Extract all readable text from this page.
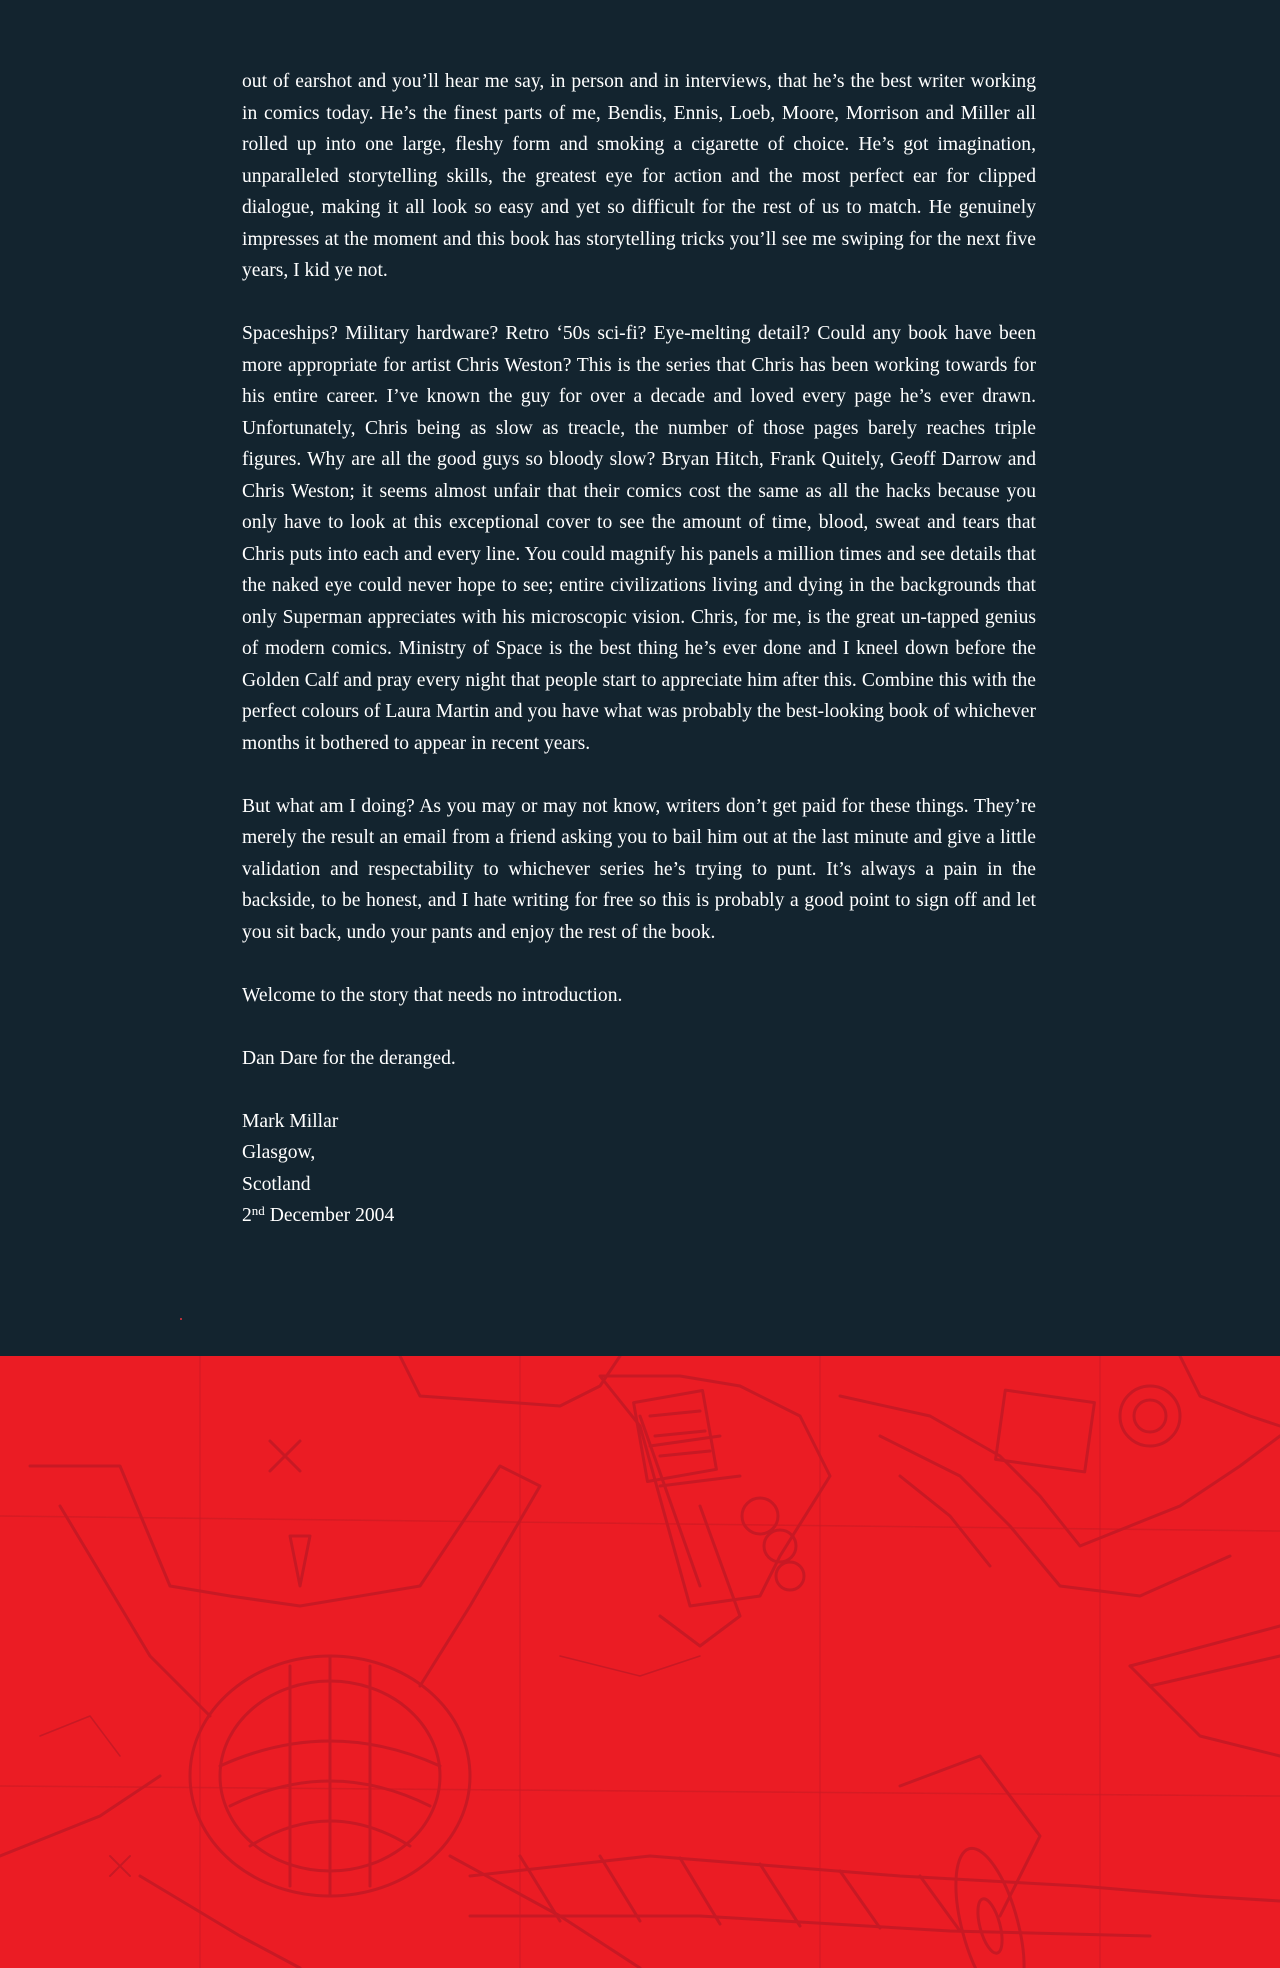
out of earshot and you’ll hear me say, in person and in interviews, that he’s the best writer working in comics today. He’s the finest parts of me, Bendis, Ennis, Loeb, Moore, Morrison and Miller all rolled up into one large, fleshy form and smoking a cigarette of choice. He’s got imagination, unparalleled storytelling skills, the greatest eye for action and the most perfect ear for clipped dialogue, making it all look so easy and yet so difficult for the rest of us to match. He genuinely impresses at the moment and this book has storytelling tricks you’ll see me swiping for the next five years, I kid ye not.

Spaceships? Military hardware? Retro ‘50s sci-fi? Eye-melting detail? Could any book have been more appropriate for artist Chris Weston? This is the series that Chris has been working towards for his entire career. I’ve known the guy for over a decade and loved every page he’s ever drawn. Unfortunately, Chris being as slow as treacle, the number of those pages barely reaches triple figures. Why are all the good guys so bloody slow? Bryan Hitch, Frank Quitely, Geoff Darrow and Chris Weston; it seems almost unfair that their comics cost the same as all the hacks because you only have to look at this exceptional cover to see the amount of time, blood, sweat and tears that Chris puts into each and every line. You could magnify his panels a million times and see details that the naked eye could never hope to see; entire civilizations living and dying in the backgrounds that only Superman appreciates with his microscopic vision. Chris, for me, is the great un-tapped genius of modern comics. Ministry of Space is the best thing he’s ever done and I kneel down before the Golden Calf and pray every night that people start to appreciate him after this. Combine this with the perfect colours of Laura Martin and you have what was probably the best-looking book of whichever months it bothered to appear in recent years.

But what am I doing? As you may or may not know, writers don’t get paid for these things. They’re merely the result an email from a friend asking you to bail him out at the last minute and give a little validation and respectability to whichever series he’s trying to punt. It’s always a pain in the backside, to be honest, and I hate writing for free so this is probably a good point to sign off and let you sit back, undo your pants and enjoy the rest of the book.

Welcome to the story that needs no introduction.

Dan Dare for the deranged.

Mark Millar
Glasgow,
Scotland
2nd December 2004
